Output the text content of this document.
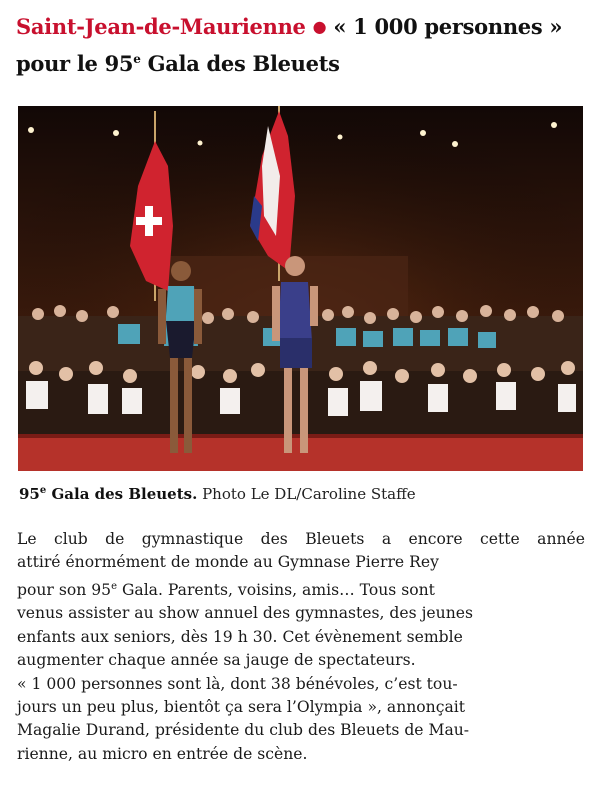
Saint-Jean-de-Maurienne ● « 1 000 personnes »
pour le 95e Gala des Bleuets
95e Gala des Bleuets. Photo Le DL/Caroline Staffe
Le club de gymnastique des Bleuets a encore cette année
attiré énormément de monde au Gymnase Pierre Rey
pour son 95e Gala. Parents, voisins, amis… Tous sont
venus assister au show annuel des gymnastes, des jeunes
enfants aux seniors, dès 19 h 30. Cet évènement semble
augmenter chaque année sa jauge de spectateurs.
« 1 000 personnes sont là, dont 38 bénévoles, c’est tou-
jours un peu plus, bientôt ça sera l’Olympia », annonçait
Magalie Durand, présidente du club des Bleuets de Mau-
rienne, au micro en entrée de scène.
